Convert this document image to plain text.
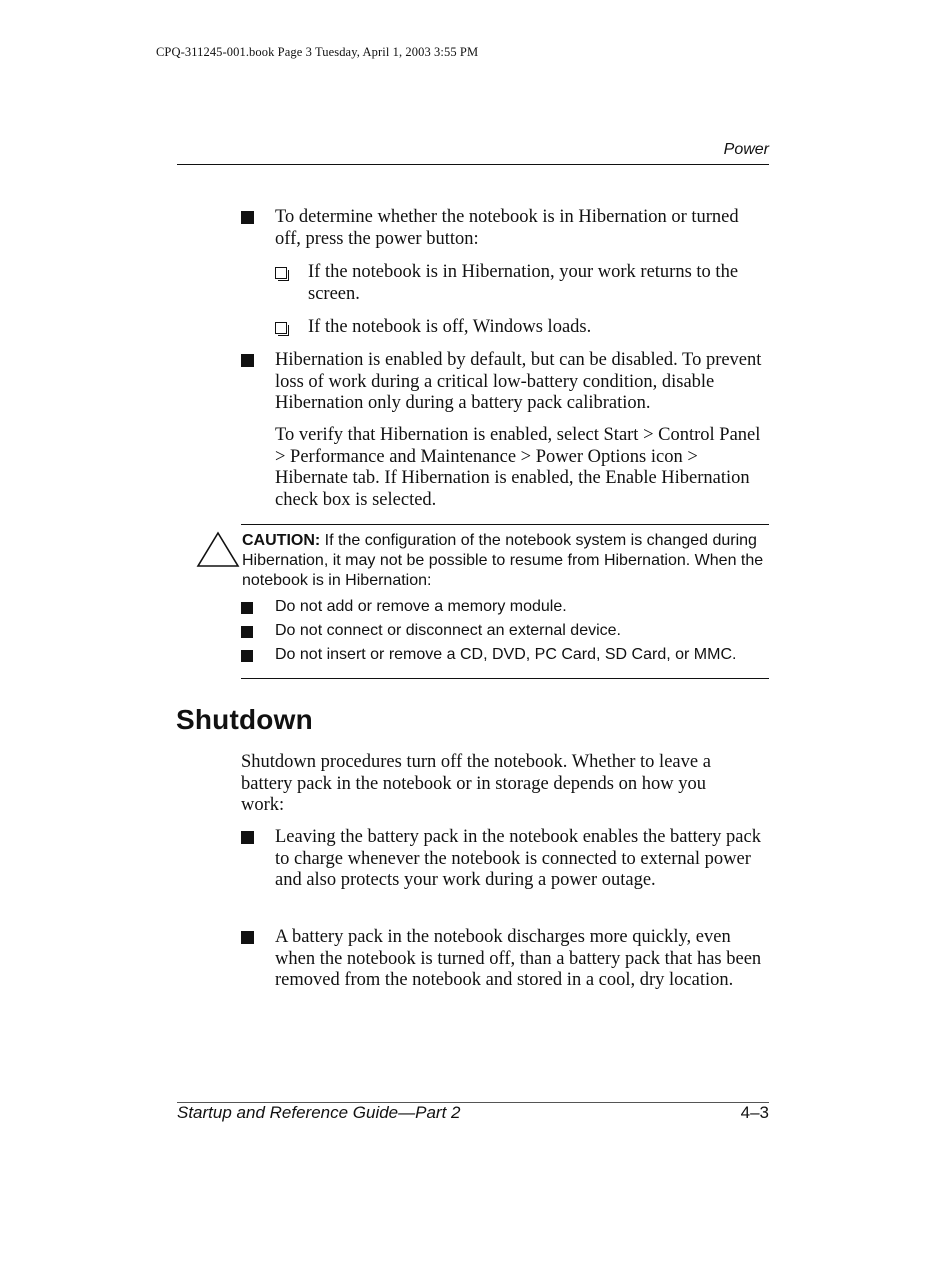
CPQ-311245-001.book Page 3 Tuesday, April 1, 2003 3:55 PM
Power
To determine whether the notebook is in Hibernation or turned off, press the power button:
If the notebook is in Hibernation, your work returns to the screen.
If the notebook is off, Windows loads.
Hibernation is enabled by default, but can be disabled. To prevent loss of work during a critical low-battery condition, disable Hibernation only during a battery pack calibration.
To verify that Hibernation is enabled, select Start > Control Panel > Performance and Maintenance > Power Options icon > Hibernate tab. If Hibernation is enabled, the Enable Hibernation check box is selected.
CAUTION: If the configuration of the notebook system is changed during Hibernation, it may not be possible to resume from Hibernation. When the notebook is in Hibernation:
Do not add or remove a memory module.
Do not connect or disconnect an external device.
Do not insert or remove a CD, DVD, PC Card, SD Card, or MMC.
Shutdown
Shutdown procedures turn off the notebook. Whether to leave a battery pack in the notebook or in storage depends on how you work:
Leaving the battery pack in the notebook enables the battery pack to charge whenever the notebook is connected to external power and also protects your work during a power outage.
A battery pack in the notebook discharges more quickly, even when the notebook is turned off, than a battery pack that has been removed from the notebook and stored in a cool, dry location.
Startup and Reference Guide—Part 2	4–3
